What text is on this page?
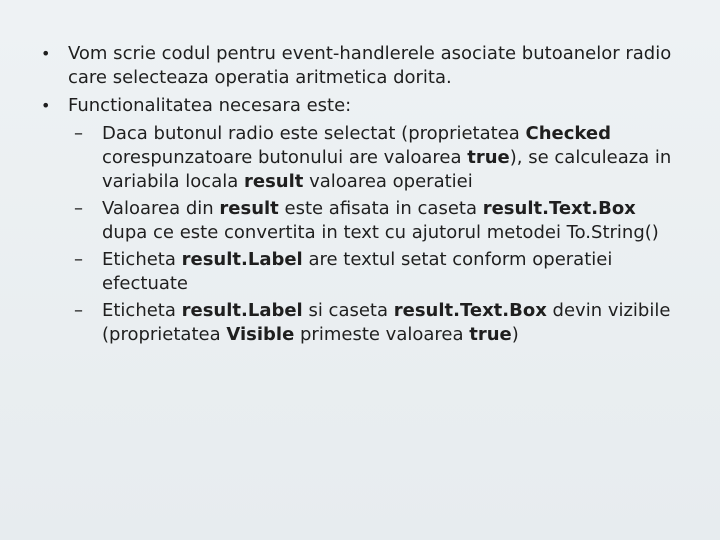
• Vom scrie codul pentru event-handlerele asociate butoanelor radio care selecteaza operatia aritmetica dorita.
• Functionalitatea necesara este:
– Daca butonul radio este selectat (proprietatea Checked corespunzatoare butonului are valoarea true), se calculeaza in variabila locala result valoarea operatiei
– Valoarea din result este afisata in caseta result.Text.Box dupa ce este convertita in text cu ajutorul metodei To.String()
– Eticheta result.Label are textul setat conform operatiei efectuate
– Eticheta result.Label si caseta result.Text.Box devin vizibile (proprietatea Visible primeste valoarea true)
